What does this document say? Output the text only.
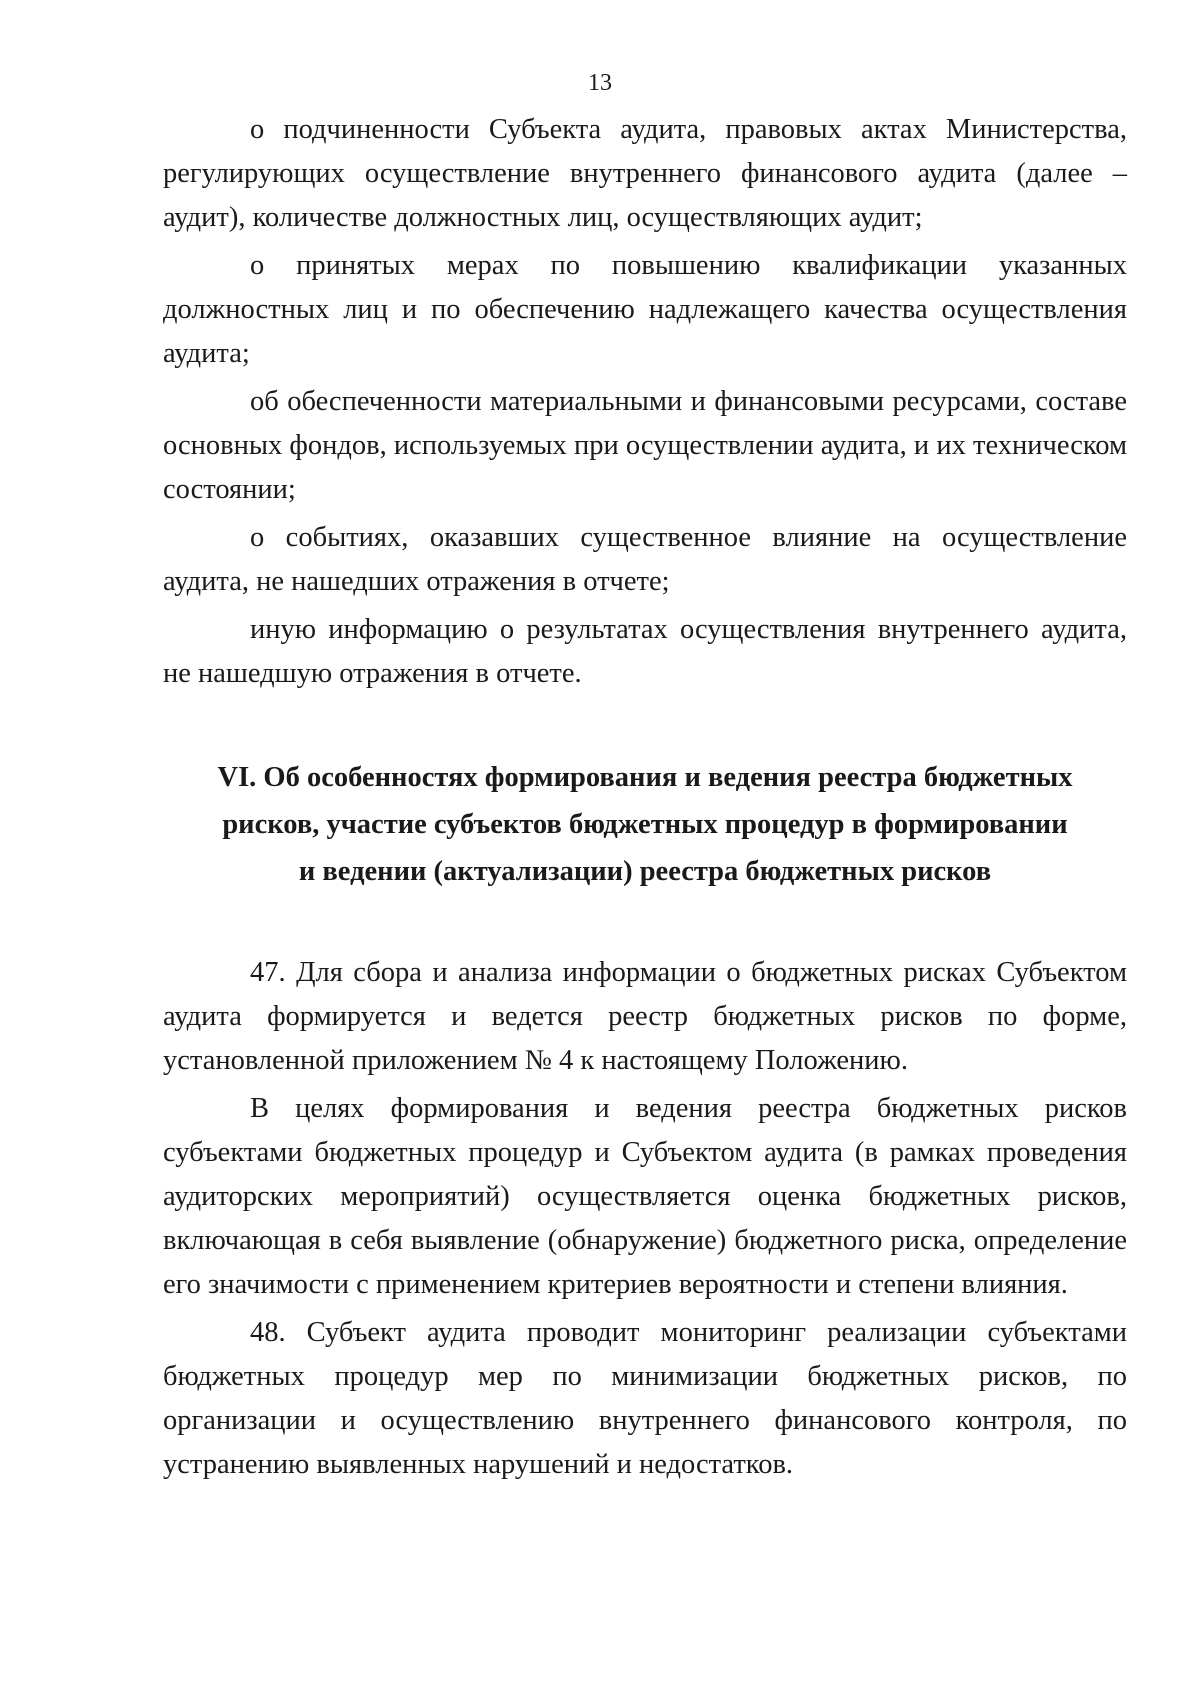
13

о подчиненности Субъекта аудита, правовых актах Министерства, регулирующих осуществление внутреннего финансового аудита (далее – аудит), количестве должностных лиц, осуществляющих аудит;

о принятых мерах по повышению квалификации указанных должностных лиц и по обеспечению надлежащего качества осуществления аудита;

об обеспеченности материальными и финансовыми ресурсами, составе основных фондов, используемых при осуществлении аудита, и их техническом состоянии;

о событиях, оказавших существенное влияние на осуществление аудита, не нашедших отражения в отчете;

иную информацию о результатах осуществления внутреннего аудита, не нашедшую отражения в отчете.

VI. Об особенностях формирования и ведения реестра бюджетных
рисков, участие субъектов бюджетных процедур в формировании
и ведении (актуализации) реестра бюджетных рисков

47. Для сбора и анализа информации о бюджетных рисках Субъектом аудита формируется и ведется реестр бюджетных рисков по форме, установленной приложением № 4 к настоящему Положению.

В целях формирования и ведения реестра бюджетных рисков субъектами бюджетных процедур и Субъектом аудита (в рамках проведения аудиторских мероприятий) осуществляется оценка бюджетных рисков, включающая в себя выявление (обнаружение) бюджетного риска, определение его значимости с применением критериев вероятности и степени влияния.

48. Субъект аудита проводит мониторинг реализации субъектами бюджетных процедур мер по минимизации бюджетных рисков, по организации и осуществлению внутреннего финансового контроля, по устранению выявленных нарушений и недостатков.
